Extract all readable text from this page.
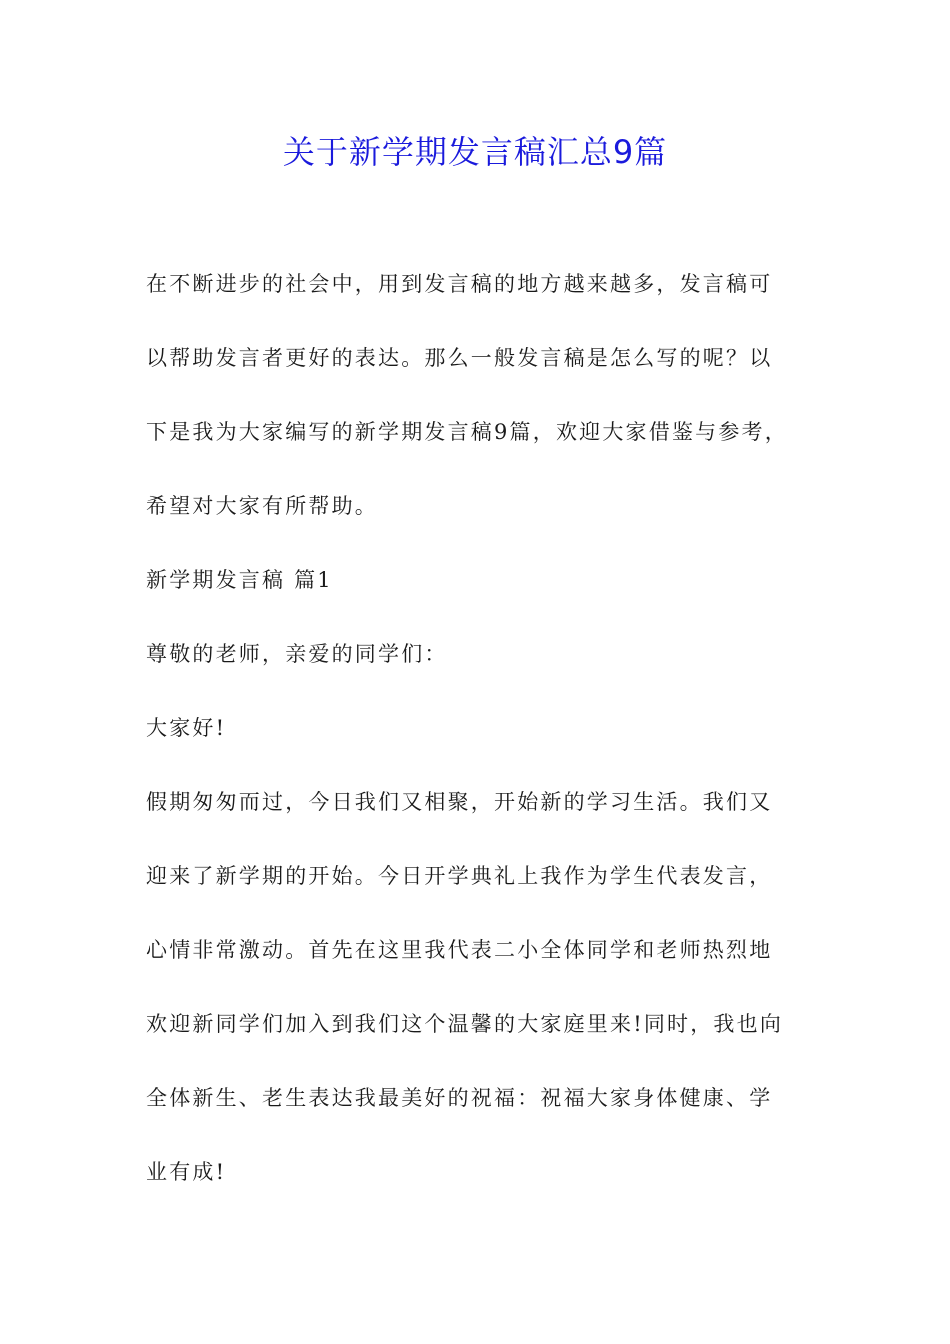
关于新学期发言稿汇总9篇
在不断进步的社会中，用到发言稿的地方越来越多，发言稿可
以帮助发言者更好的表达。那么一般发言稿是怎么写的呢？以
下是我为大家编写的新学期发言稿9篇，欢迎大家借鉴与参考，
希望对大家有所帮助。
新学期发言稿 篇1
尊敬的老师，亲爱的同学们：
大家好!
假期匆匆而过，今日我们又相聚，开始新的学习生活。我们又
迎来了新学期的开始。今日开学典礼上我作为学生代表发言，
心情非常激动。首先在这里我代表二小全体同学和老师热烈地
欢迎新同学们加入到我们这个温馨的大家庭里来!同时，我也向
全体新生、老生表达我最美好的祝福：祝福大家身体健康、学
业有成!
